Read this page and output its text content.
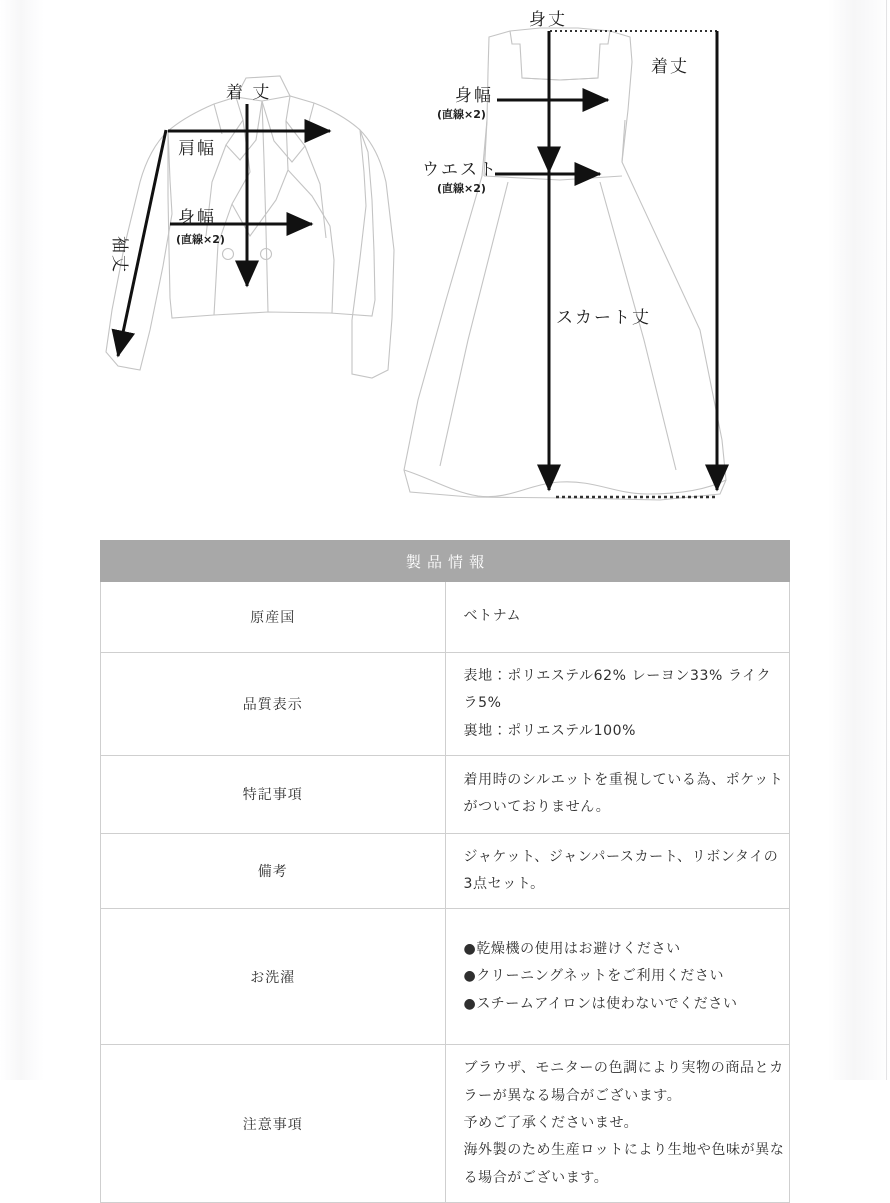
着 丈
肩幅
身幅
(直線×2)
袖丈
身丈
着丈
身幅
(直線×2)
ウエスト
(直線×2)
スカート丈
製品情報	
原産国	ベトナム

品質表示	表地：ポリエステル62% レーヨン33% ライクラ5%
裏地：ポリエステル100%

特記事項	着用時のシルエットを重視している為、ポケットがついておりません。

備考	ジャケット、ジャンパースカート、リボンタイの3点セット。

お洗濯	●乾燥機の使用はお避けください
●クリーニングネットをご利用ください
●スチームアイロンは使わないでください

注意事項	ブラウザ、モニターの色調により実物の商品とカラーが異なる場合がございます。
予めご了承くださいませ。
海外製のため生産ロットにより生地や色味が異なる場合がございます。
